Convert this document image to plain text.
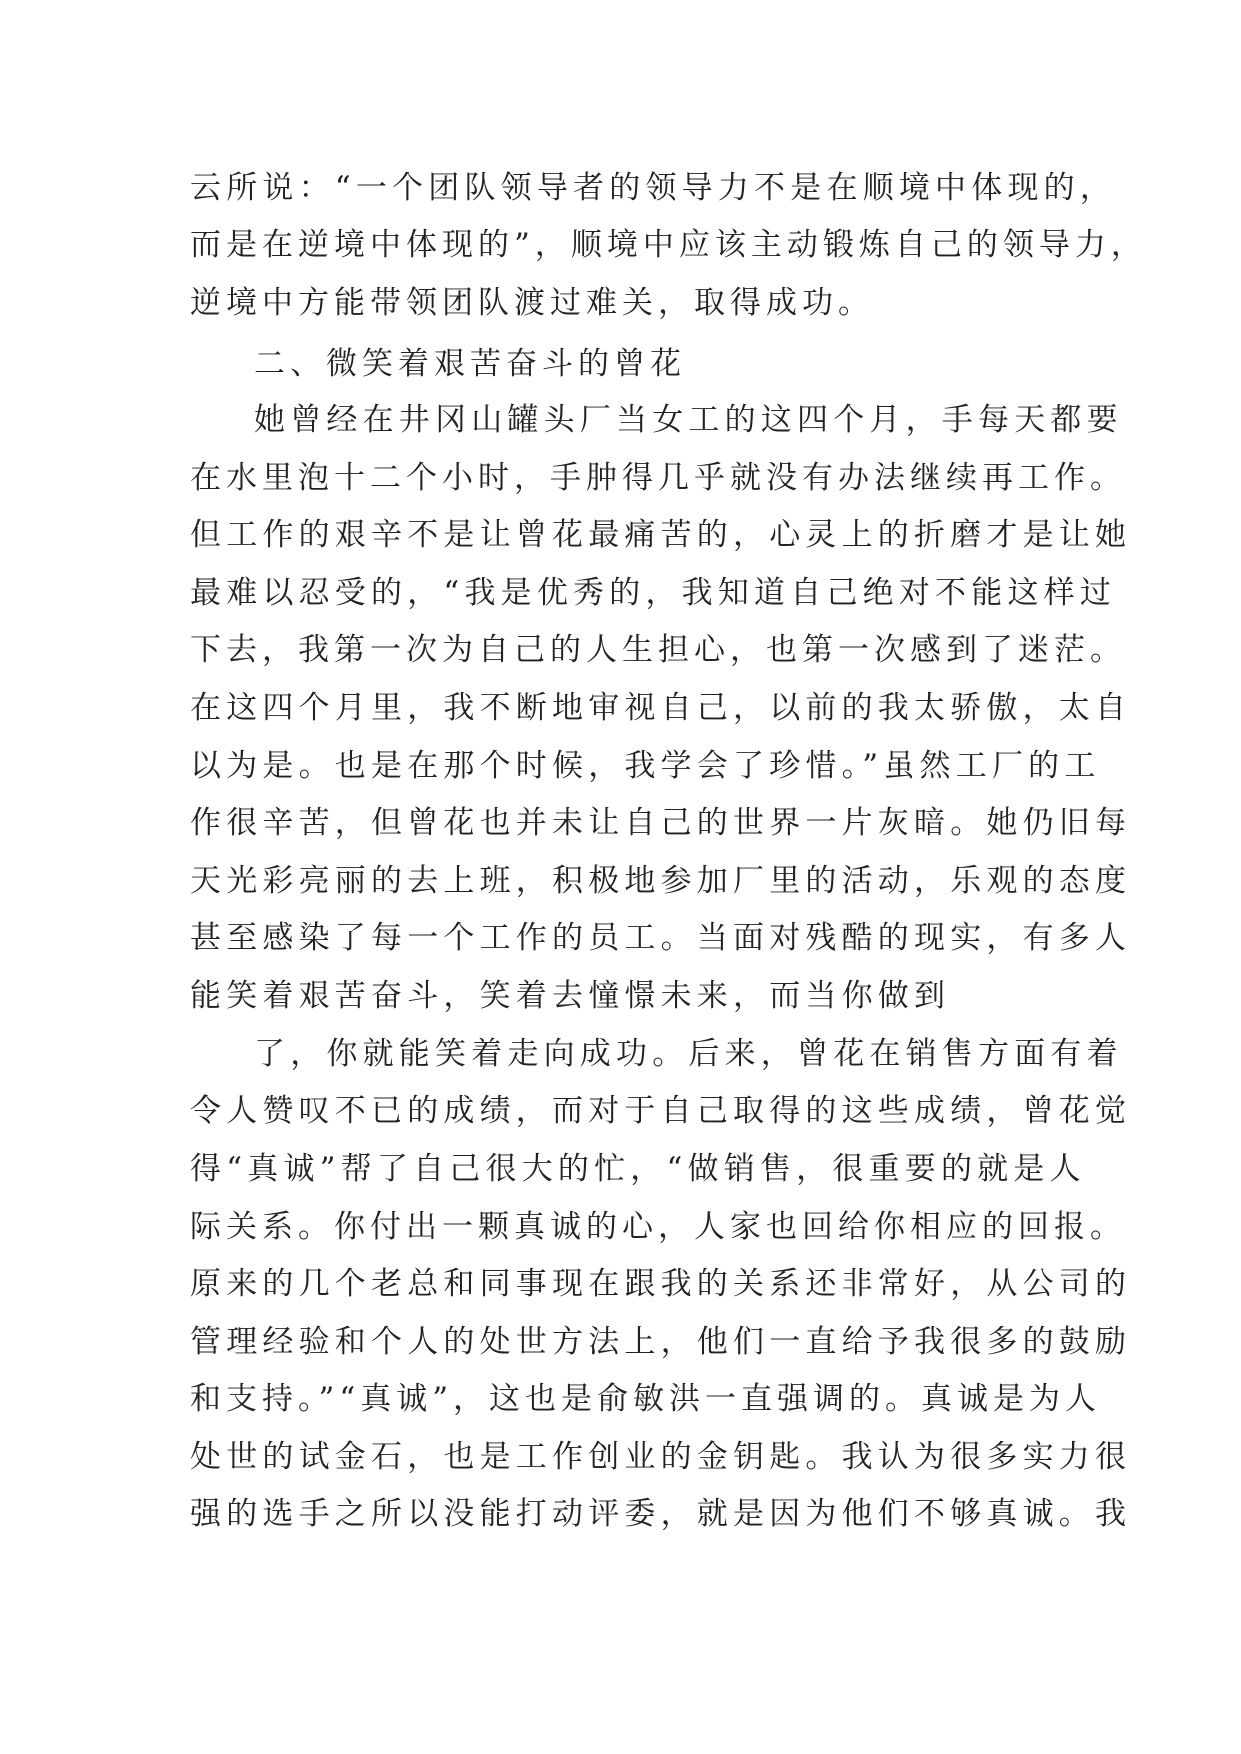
云所说：“一个团队领导者的领导力不是在顺境中体现的，
而是在逆境中体现的”，顺境中应该主动锻炼自己的领导力，
逆境中方能带领团队渡过难关，取得成功。
二、微笑着艰苦奋斗的曾花
她曾经在井冈山罐头厂当女工的这四个月，手每天都要
在水里泡十二个小时，手肿得几乎就没有办法继续再工作。
但工作的艰辛不是让曾花最痛苦的，心灵上的折磨才是让她
最难以忍受的，“我是优秀的，我知道自己绝对不能这样过
下去，我第一次为自己的人生担心，也第一次感到了迷茫。
在这四个月里，我不断地审视自己，以前的我太骄傲，太自
以为是。也是在那个时候，我学会了珍惜。”虽然工厂的工
作很辛苦，但曾花也并未让自己的世界一片灰暗。她仍旧每
天光彩亮丽的去上班，积极地参加厂里的活动，乐观的态度
甚至感染了每一个工作的员工。当面对残酷的现实，有多人
能笑着艰苦奋斗，笑着去憧憬未来，而当你做到
了，你就能笑着走向成功。后来，曾花在销售方面有着
令人赞叹不已的成绩，而对于自己取得的这些成绩，曾花觉
得“真诚”帮了自己很大的忙，“做销售，很重要的就是人
际关系。你付出一颗真诚的心，人家也回给你相应的回报。
原来的几个老总和同事现在跟我的关系还非常好，从公司的
管理经验和个人的处世方法上，他们一直给予我很多的鼓励
和支持。”“真诚”，这也是俞敏洪一直强调的。真诚是为人
处世的试金石，也是工作创业的金钥匙。我认为很多实力很
强的选手之所以没能打动评委，就是因为他们不够真诚。我
